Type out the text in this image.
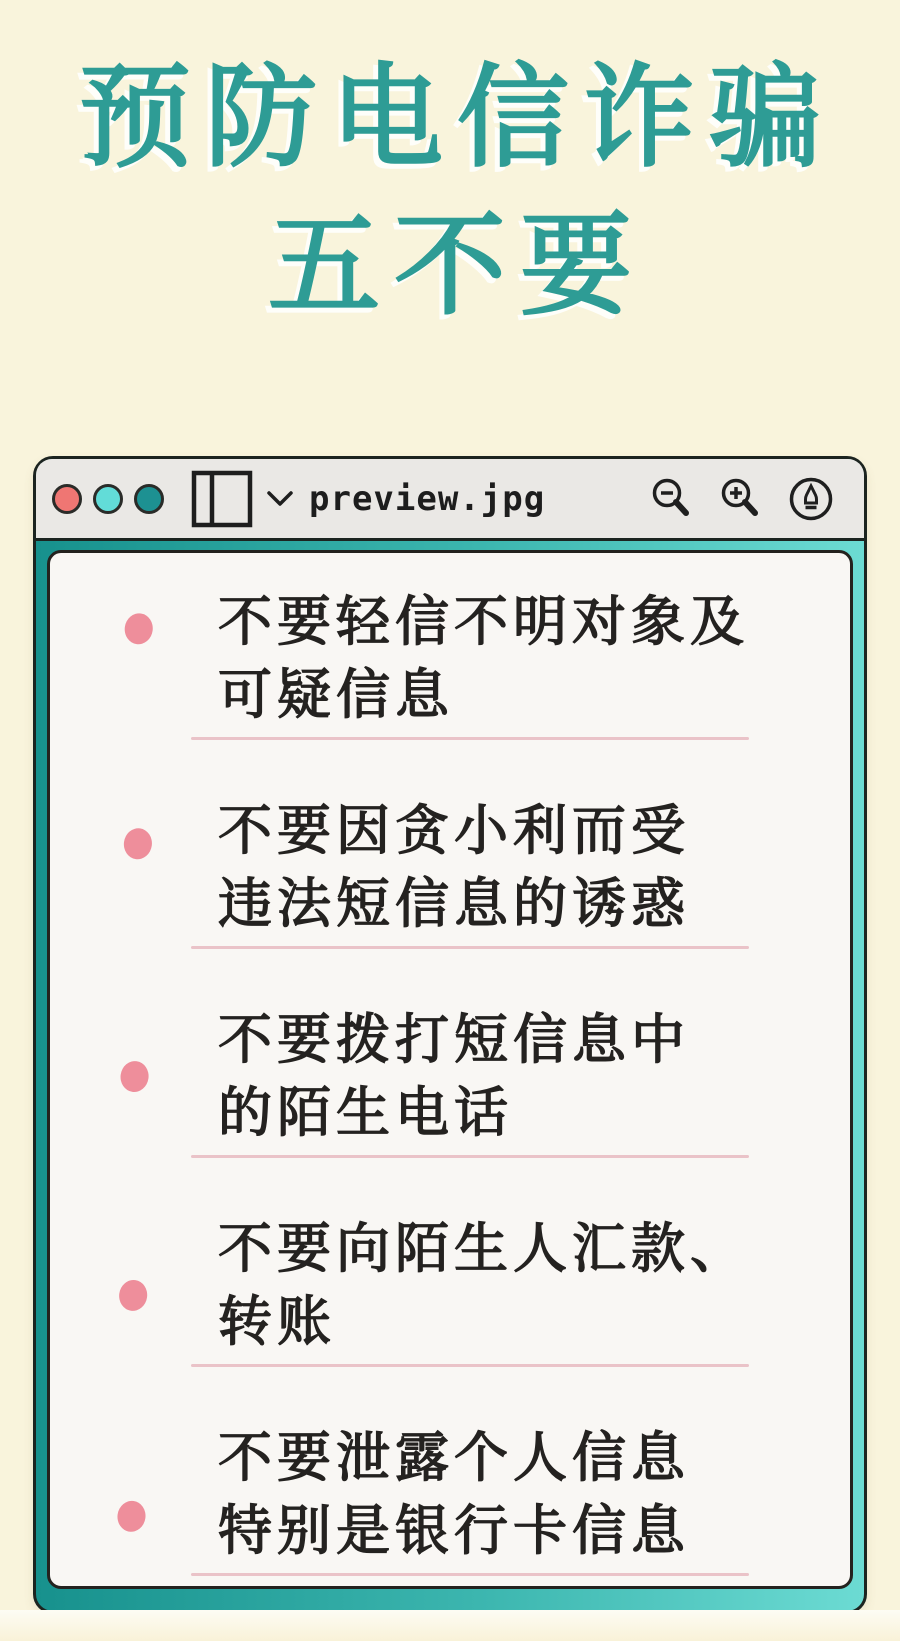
预防电信诈骗
五不要
preview.jpg
不要轻信不明对象及
可疑信息
不要因贪小利而受
违法短信息的诱惑
不要拨打短信息中
的陌生电话
不要向陌生人汇款、
转账
不要泄露个人信息
特别是银行卡信息
